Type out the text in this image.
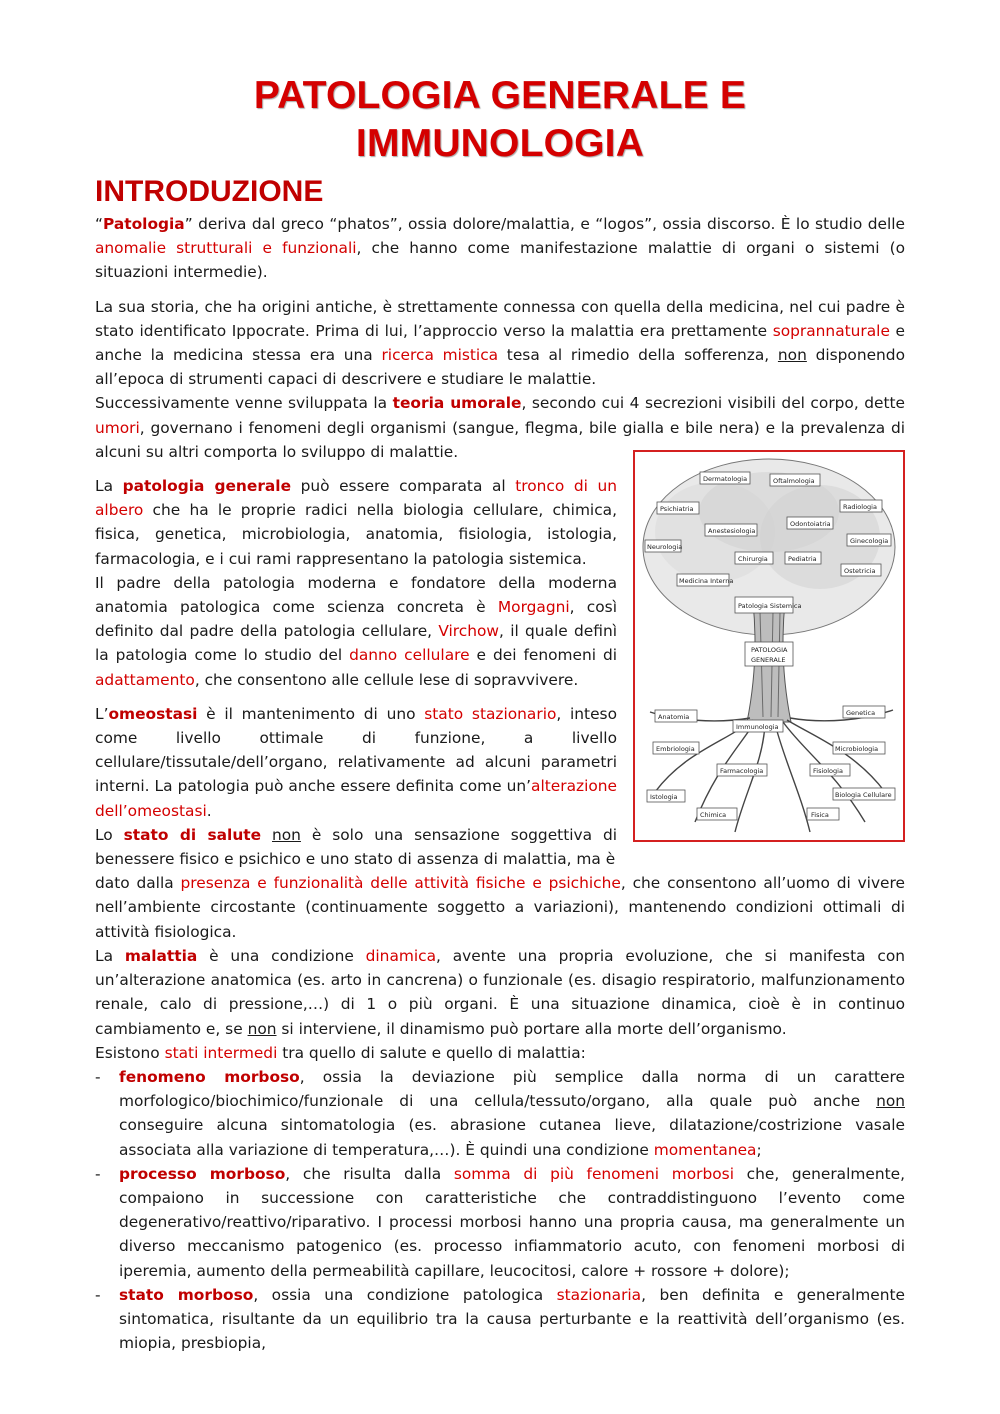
PATOLOGIA GENERALE E
IMMUNOLOGIA
INTRODUZIONE

“Patologia” deriva dal greco “phatos”, ossia dolore/malattia, e “logos”, ossia discorso. È lo studio delle anomalie strutturali e funzionali, che hanno come manifestazione malattie di organi o sistemi (o situazioni intermedie).

La sua storia, che ha origini antiche, è strettamente connessa con quella della medicina, nel cui padre è stato identificato Ippocrate. Prima di lui, l’approccio verso la malattia era prettamente soprannaturale e anche la medicina stessa era una ricerca mistica tesa al rimedio della sofferenza, non disponendo all’epoca di strumenti capaci di descrivere e studiare le malattie.

Successivamente venne sviluppata la teoria umorale, secondo cui 4 secrezioni visibili del corpo, dette umori, governano i fenomeni degli organismi (sangue, flegma, bile gialla e bile nera) e la prevalenza di alcuni su altri comporta lo sviluppo di malattie.

La patologia generale può essere comparata al tronco di un albero che ha le proprie radici nella biologia cellulare, chimica, fisica, genetica, microbiologia, anatomia, fisiologia, istologia, farmacologia, e i cui rami rappresentano la patologia sistemica.

Il padre della patologia moderna e fondatore della moderna anatomia patologica come scienza concreta è Morgagni, così definito dal padre della patologia cellulare, Virchow, il quale definì la patologia come lo studio del danno cellulare e dei fenomeni di adattamento, che consentono alle cellule lese di sopravvivere.

L’omeostasi è il mantenimento di uno stato stazionario, inteso come livello ottimale di funzione, a livello cellulare/tissutale/dell’organo, relativamente ad alcuni parametri interni. La patologia può anche essere definita come un’alterazione dell’omeostasi.

Lo stato di salute non è solo una sensazione soggettiva di benessere fisico e psichico e uno stato di assenza di malattia, ma è

dato dalla presenza e funzionalità delle attività fisiche e psichiche, che consentono all’uomo di vivere nell’ambiente circostante (continuamente soggetto a variazioni), mantenendo condizioni ottimali di attività fisiologica.

La malattia è una condizione dinamica, avente una propria evoluzione, che si manifesta con un’alterazione anatomica (es. arto in cancrena) o funzionale (es. disagio respiratorio, malfunzionamento renale, calo di pressione,…) di 1 o più organi. È una situazione dinamica, cioè è in continuo cambiamento e, se non si interviene, il dinamismo può portare alla morte dell’organismo.

Esistono stati intermedi tra quello di salute e quello di malattia:

- fenomeno morboso, ossia la deviazione più semplice dalla norma di un carattere morfologico/biochimico/funzionale di una cellula/tessuto/organo, alla quale può anche non conseguire alcuna sintomatologia (es. abrasione cutanea lieve, dilatazione/costrizione vasale associata alla variazione di temperatura,…). È quindi una condizione momentanea;
- processo morboso, che risulta dalla somma di più fenomeni morbosi che, generalmente, compaiono in successione con caratteristiche che contraddistinguono l’evento come degenerativo/reattivo/riparativo. I processi morbosi hanno una propria causa, ma generalmente un diverso meccanismo patogenico (es. processo infiammatorio acuto, con fenomeni morbosi di iperemia, aumento della permeabilità capillare, leucocitosi, calore + rossore + dolore);
- stato morboso, ossia una condizione patologica stazionaria, ben definita e generalmente sintomatica, risultante da un equilibrio tra la causa perturbante e la reattività dell’organismo (es. miopia, presbiopia,
Dermatologia	Oftalmologia
Psichiatria	Radiologia
Odontoiatria
Anestesiologia
Neurologia
Ginecologia
Chirurgia	Pediatria
Ostetricia
Medicina Interna
Patologia Sistemica
PATOLOGIA
GENERALE
Anatomia	Genetica
Immunologia
Embriologia	Microbiologia
Farmacologia	Fisiologia
Istologia	Biologia Cellulare
Chimica	Fisica
